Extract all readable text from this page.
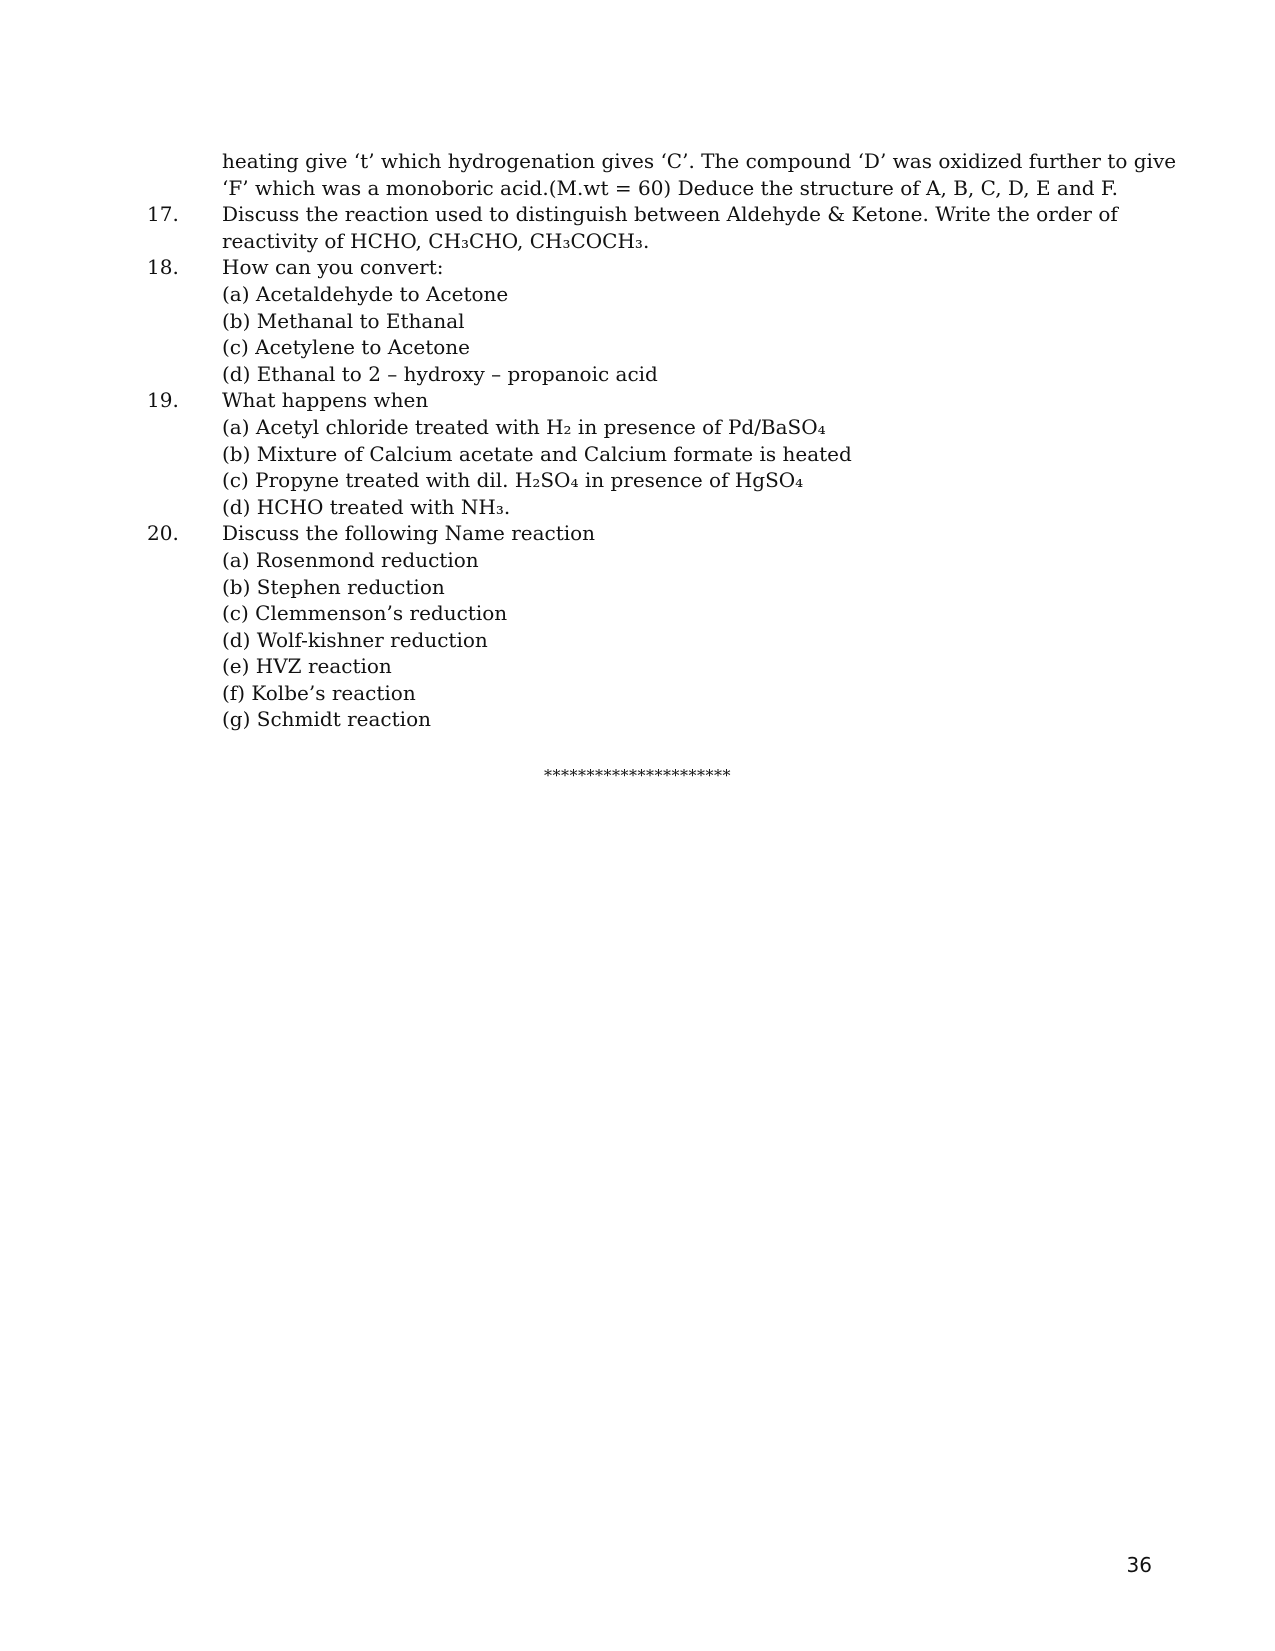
heating give ‘t’ which hydrogenation gives ‘C’. The compound ‘D’ was oxidized further to give
‘F’ which was a monoboric acid.(M.wt = 60) Deduce the structure of A, B, C, D, E and F.
17.	Discuss the reaction used to distinguish between Aldehyde & Ketone. Write the order of
reactivity of HCHO, CH₃CHO, CH₃COCH₃.
18.	How can you convert:
(a) Acetaldehyde to Acetone
(b) Methanal to Ethanal
(c) Acetylene to Acetone
(d) Ethanal to 2 – hydroxy – propanoic acid
19.	What happens when
(a) Acetyl chloride treated with H₂ in presence of Pd/BaSO₄
(b) Mixture of Calcium acetate and Calcium formate is heated
(c) Propyne treated with dil. H₂SO₄ in presence of HgSO₄
(d) HCHO treated with NH₃.
20.	Discuss the following Name reaction
(a) Rosenmond reduction
(b) Stephen reduction
(c) Clemmenson’s reduction
(d) Wolf-kishner reduction
(e) HVZ reaction
(f) Kolbe’s reaction
(g) Schmidt reaction
**********************
36
